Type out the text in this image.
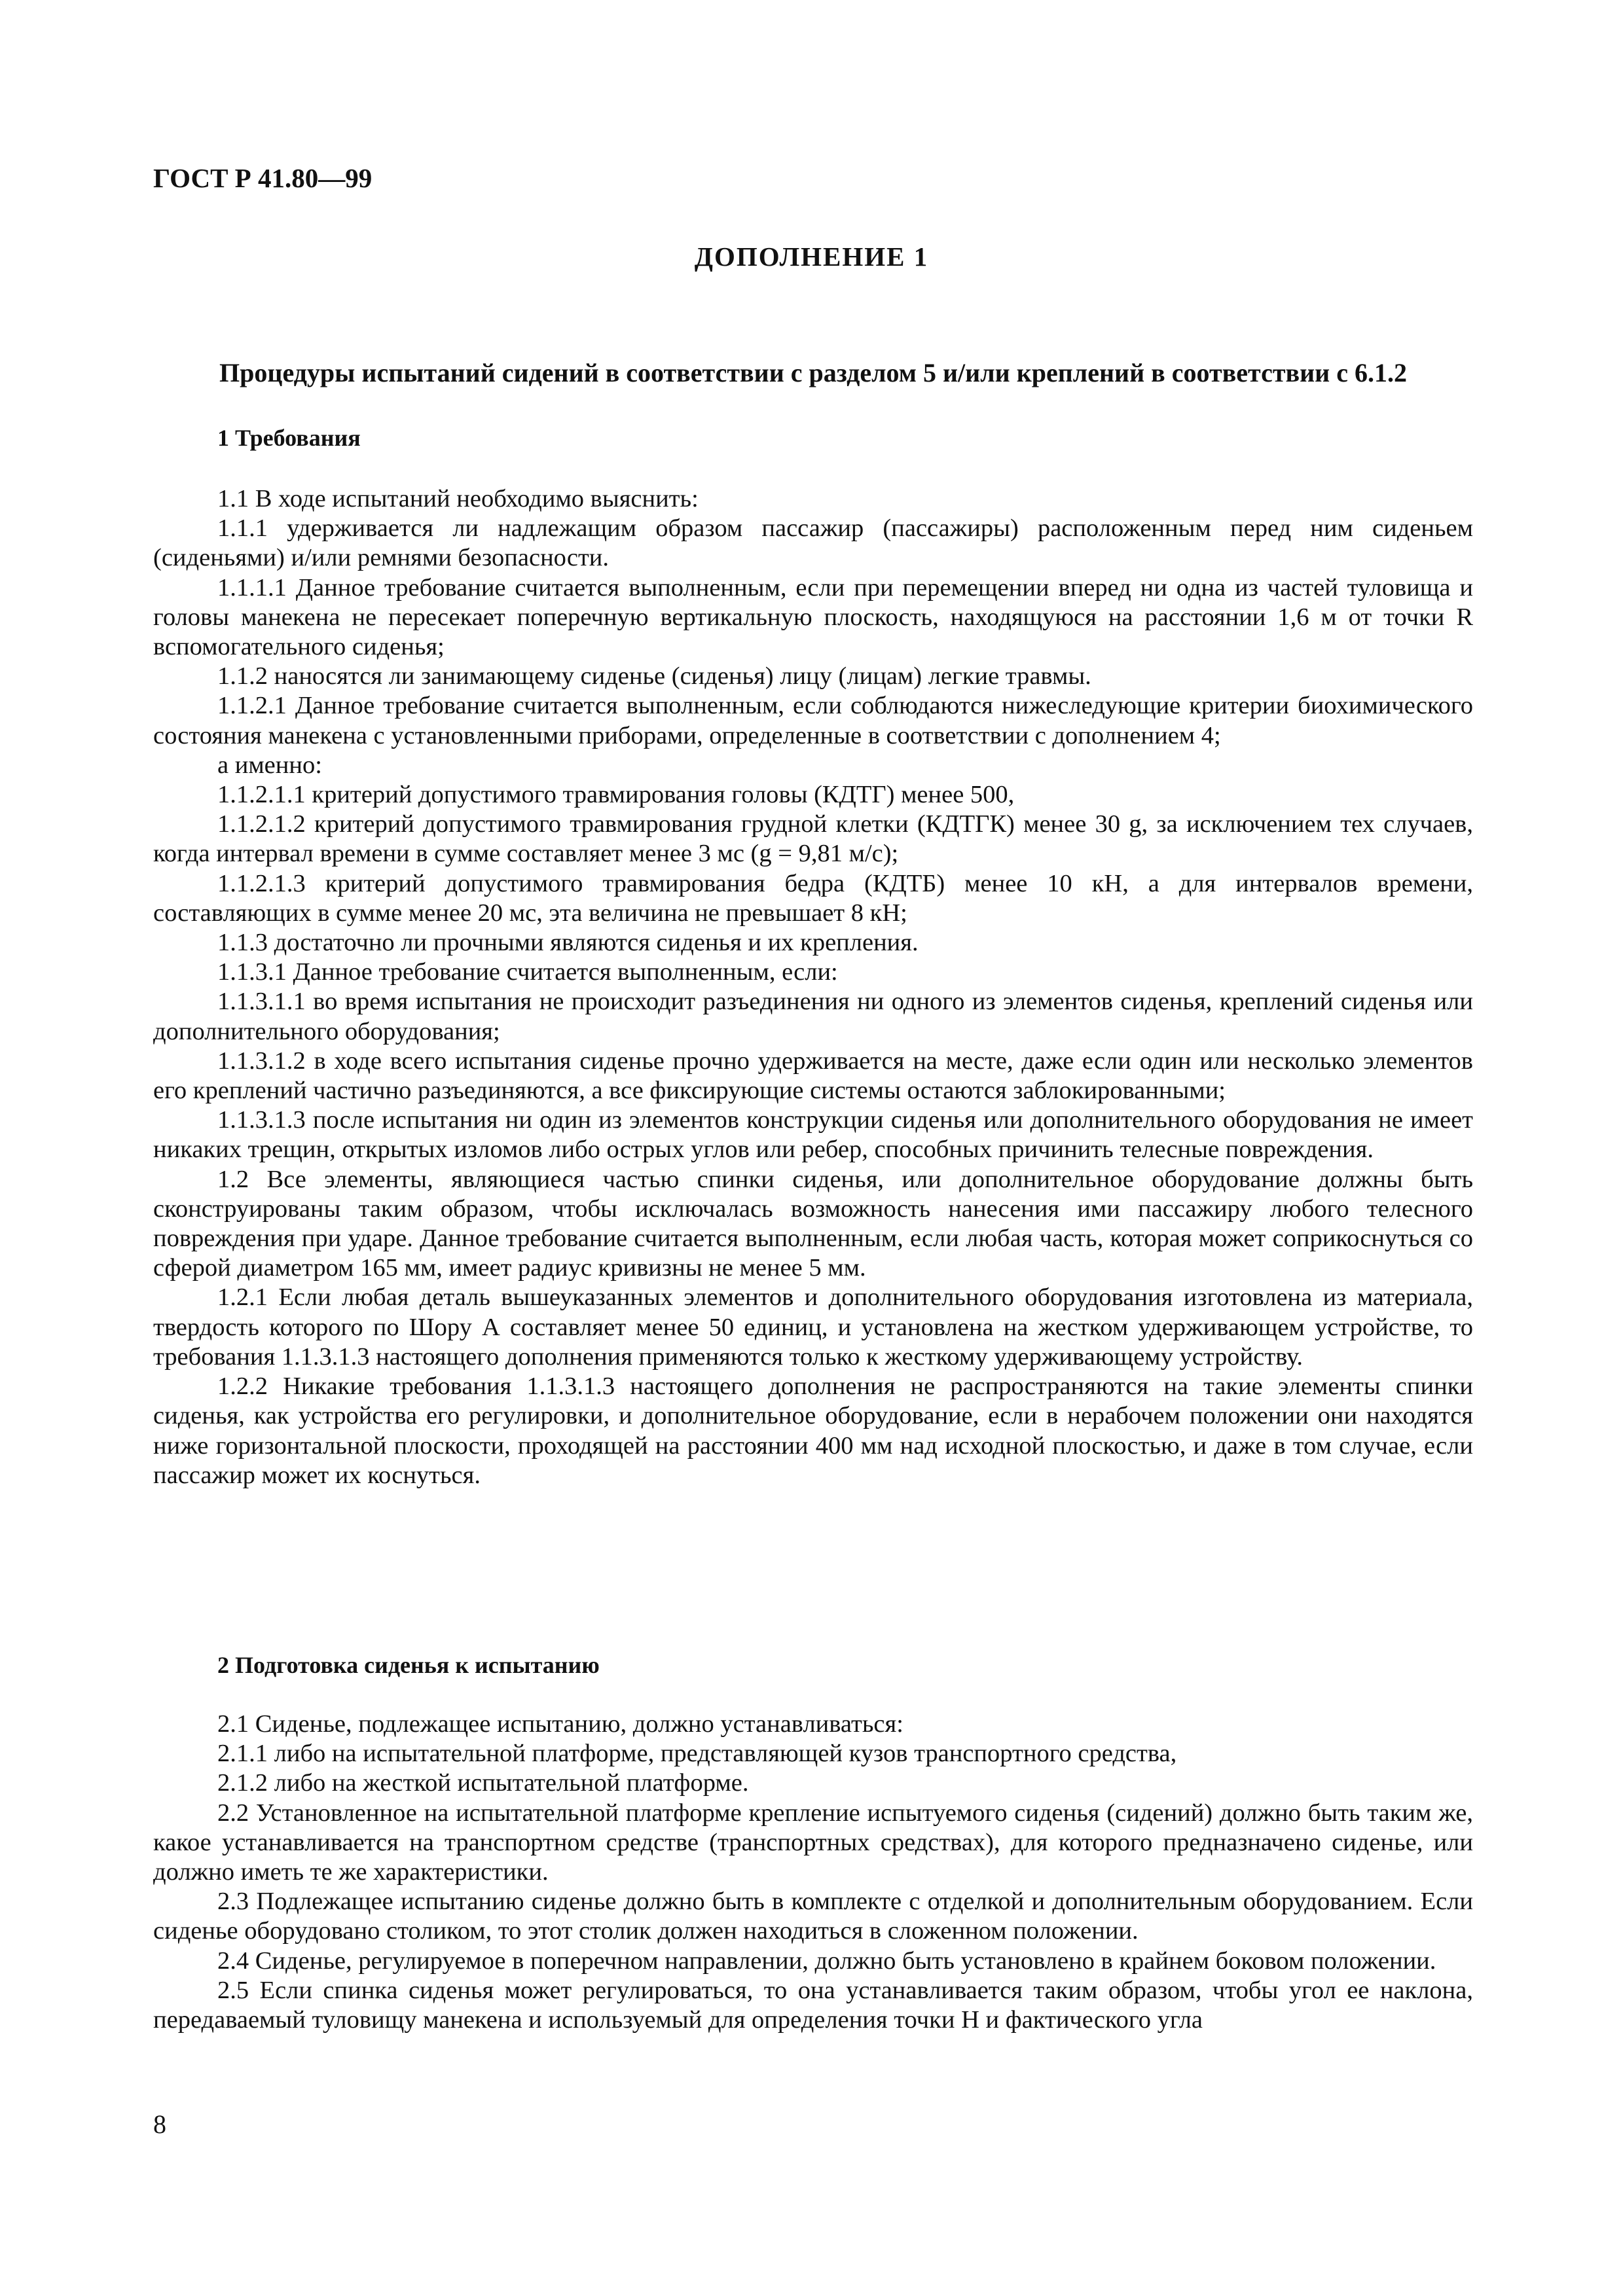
ГОСТ Р 41.80—99
ДОПОЛНЕНИЕ 1
Процедуры испытаний сидений в соответствии с разделом 5 и/или креплений в соответствии с 6.1.2
1 Требования

1.1 В ходе испытаний необходимо выяснить:

1.1.1 удерживается ли надлежащим образом пассажир (пассажиры) расположенным перед ним сиденьем (сиденьями) и/или ремнями безопасности.

1.1.1.1 Данное требование считается выполненным, если при перемещении вперед ни одна из частей туловища и головы манекена не пересекает поперечную вертикальную плоскость, находящуюся на расстоянии 1,6 м от точки R вспомогательного сиденья;

1.1.2 наносятся ли занимающему сиденье (сиденья) лицу (лицам) легкие травмы.

1.1.2.1 Данное требование считается выполненным, если соблюдаются нижеследующие критерии биохимического состояния манекена с установленными приборами, определенные в соответствии с дополнением 4;

а именно:

1.1.2.1.1 критерий допустимого травмирования головы (КДТГ) менее 500,

1.1.2.1.2 критерий допустимого травмирования грудной клетки (КДТГК) менее 30 g, за исключением тех случаев, когда интервал времени в сумме составляет менее 3 мс (g = 9,81 м/с);

1.1.2.1.3 критерий допустимого травмирования бедра (КДТБ) менее 10 кН, а для интервалов времени, составляющих в сумме менее 20 мс, эта величина не превышает 8 кН;

1.1.3 достаточно ли прочными являются сиденья и их крепления.

1.1.3.1 Данное требование считается выполненным, если:

1.1.3.1.1 во время испытания не происходит разъединения ни одного из элементов сиденья, креплений сиденья или дополнительного оборудования;

1.1.3.1.2 в ходе всего испытания сиденье прочно удерживается на месте, даже если один или несколько элементов его креплений частично разъединяются, а все фиксирующие системы остаются заблокированными;

1.1.3.1.3 после испытания ни один из элементов конструкции сиденья или дополнительного оборудования не имеет никаких трещин, открытых изломов либо острых углов или ребер, способных причинить телесные повреждения.

1.2 Все элементы, являющиеся частью спинки сиденья, или дополнительное оборудование должны быть сконструированы таким образом, чтобы исключалась возможность нанесения ими пассажиру любого телесного повреждения при ударе. Данное требование считается выполненным, если любая часть, которая может соприкоснуться со сферой диаметром 165 мм, имеет радиус кривизны не менее 5 мм.

1.2.1 Если любая деталь вышеуказанных элементов и дополнительного оборудования изготовлена из материала, твердость которого по Шору А составляет менее 50 единиц, и установлена на жестком удерживающем устройстве, то требования 1.1.3.1.3 настоящего дополнения применяются только к жесткому удерживающему устройству.

1.2.2 Никакие требования 1.1.3.1.3 настоящего дополнения не распространяются на такие элементы спинки сиденья, как устройства его регулировки, и дополнительное оборудование, если в нерабочем положении они находятся ниже горизонтальной плоскости, проходящей на расстоянии 400 мм над исходной плоскостью, и даже в том случае, если пассажир может их коснуться.

2 Подготовка сиденья к испытанию

2.1 Сиденье, подлежащее испытанию, должно устанавливаться:

2.1.1 либо на испытательной платформе, представляющей кузов транспортного средства,

2.1.2 либо на жесткой испытательной платформе.

2.2 Установленное на испытательной платформе крепление испытуемого сиденья (сидений) должно быть таким же, какое устанавливается на транспортном средстве (транспортных средствах), для которого предназначено сиденье, или должно иметь те же характеристики.

2.3 Подлежащее испытанию сиденье должно быть в комплекте с отделкой и дополнительным оборудованием. Если сиденье оборудовано столиком, то этот столик должен находиться в сложенном положении.

2.4 Сиденье, регулируемое в поперечном направлении, должно быть установлено в крайнем боковом положении.

2.5 Если спинка сиденья может регулироваться, то она устанавливается таким образом, чтобы угол ее наклона, передаваемый туловищу манекена и используемый для определения точки H и фактического угла

8
